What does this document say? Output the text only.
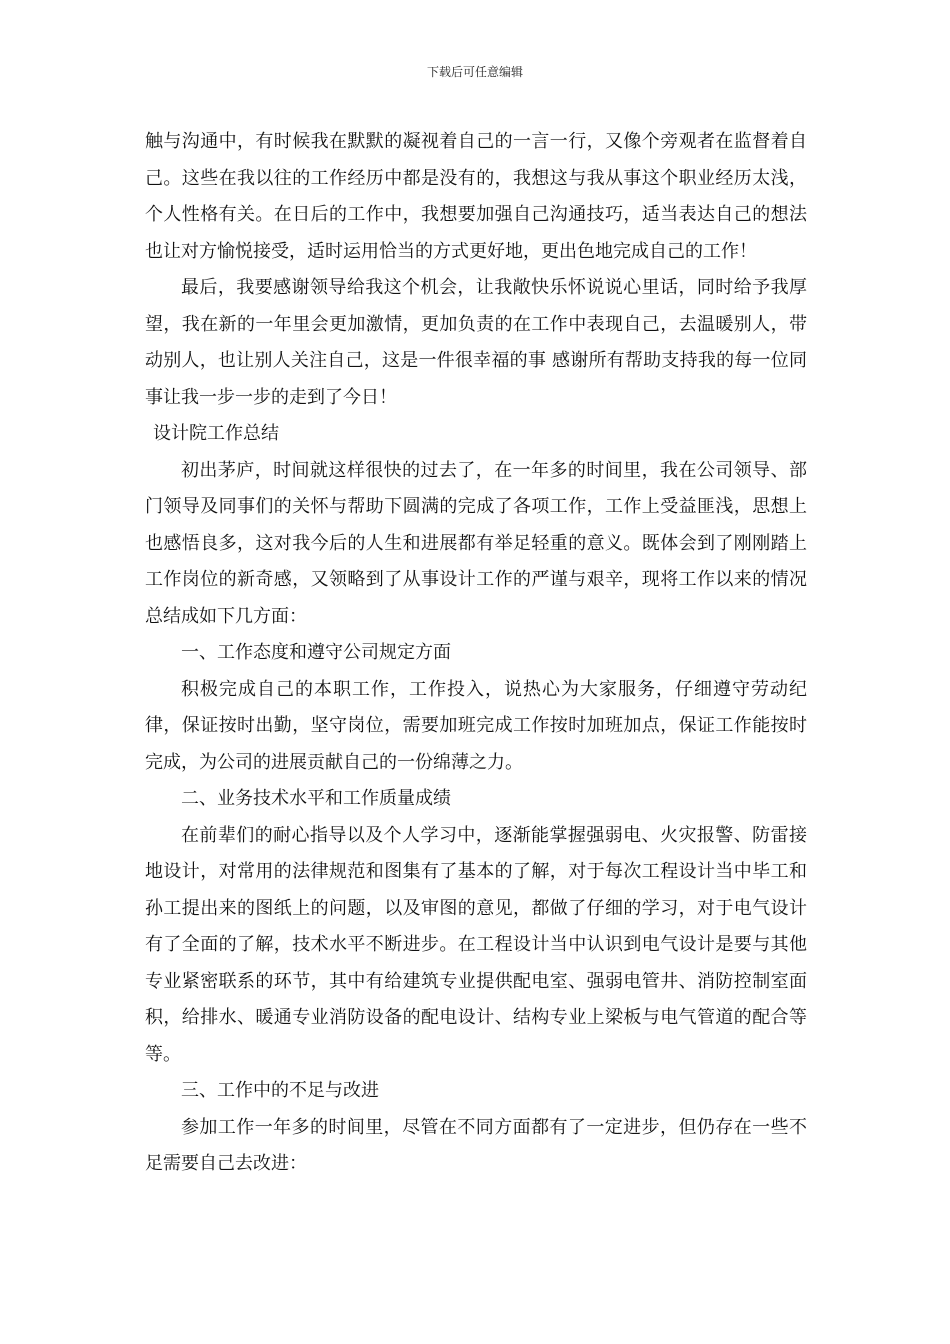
下载后可任意编辑

触与沟通中，有时候我在默默的凝视着自己的一言一行，又像个旁观者在监督着自己。这些在我以往的工作经历中都是没有的，我想这与我从事这个职业经历太浅，个人性格有关。在日后的工作中，我想要加强自己沟通技巧，适当表达自己的想法也让对方愉悦接受，适时运用恰当的方式更好地，更出色地完成自己的工作！

最后，我要感谢领导给我这个机会，让我敞快乐怀说说心里话，同时给予我厚望，我在新的一年里会更加激情，更加负责的在工作中表现自己，去温暖别人，带动别人，也让别人关注自己，这是一件很幸福的事 感谢所有帮助支持我的每一位同事让我一步一步的走到了今日！

设计院工作总结

初出茅庐，时间就这样很快的过去了，在一年多的时间里，我在公司领导、部门领导及同事们的关怀与帮助下圆满的完成了各项工作，工作上受益匪浅，思想上也感悟良多，这对我今后的人生和进展都有举足轻重的意义。既体会到了刚刚踏上工作岗位的新奇感，又领略到了从事设计工作的严谨与艰辛，现将工作以来的情况总结成如下几方面：

一、工作态度和遵守公司规定方面

积极完成自己的本职工作，工作投入，说热心为大家服务，仔细遵守劳动纪律，保证按时出勤，坚守岗位，需要加班完成工作按时加班加点，保证工作能按时完成，为公司的进展贡献自己的一份绵薄之力。

二、业务技术水平和工作质量成绩

在前辈们的耐心指导以及个人学习中，逐渐能掌握强弱电、火灾报警、防雷接地设计，对常用的法律规范和图集有了基本的了解，对于每次工程设计当中毕工和孙工提出来的图纸上的问题，以及审图的意见，都做了仔细的学习，对于电气设计有了全面的了解，技术水平不断进步。在工程设计当中认识到电气设计是要与其他专业紧密联系的环节，其中有给建筑专业提供配电室、强弱电管井、消防控制室面积，给排水、暖通专业消防设备的配电设计、结构专业上梁板与电气管道的配合等等。

三、工作中的不足与改进

参加工作一年多的时间里，尽管在不同方面都有了一定进步，但仍存在一些不足需要自己去改进：
